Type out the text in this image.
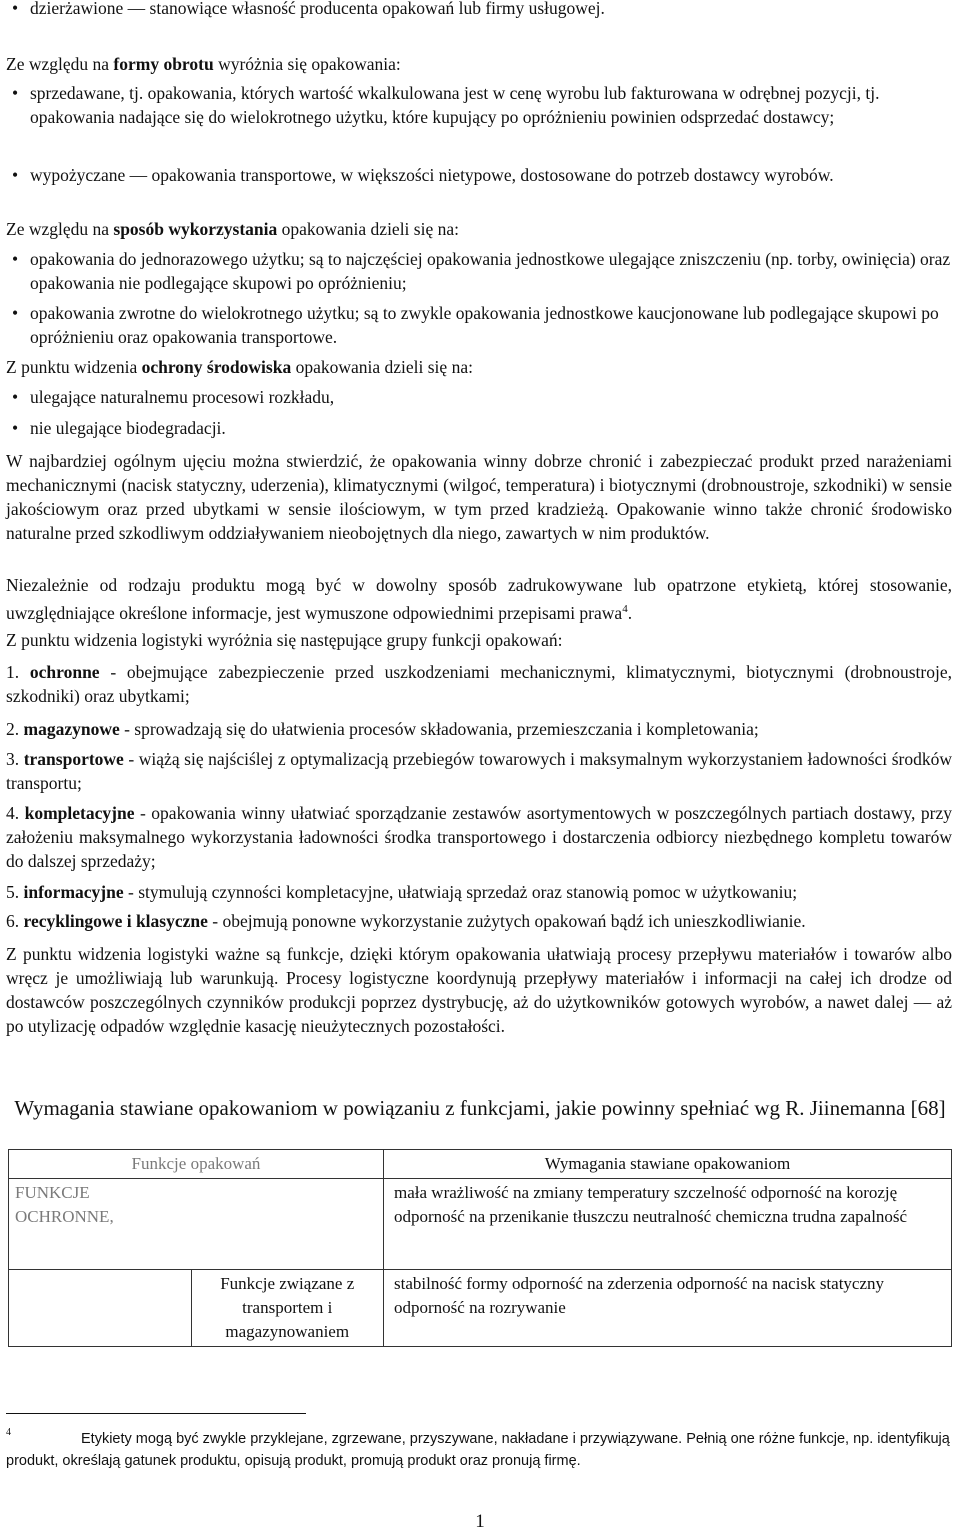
• dzierżawione — stanowiące własność producenta opakowań lub firmy usługowej.

Ze względu na formy obrotu wyróżnia się opakowania:

• sprzedawane, tj. opakowania, których wartość wkalkulowana jest w cenę wyrobu lub fakturowana w odrębnej pozycji, tj. opakowania nadające się do wielokrotnego użytku, które kupujący po opróżnieniu powinien odsprzedać dostawcy;
• wypożyczane — opakowania transportowe, w większości nietypowe, dostosowane do potrzeb dostawcy wyrobów.

Ze względu na sposób wykorzystania opakowania dzieli się na:

• opakowania do jednorazowego użytku; są to najczęściej opakowania jednostkowe ulegające zniszczeniu (np. torby, owinięcia) oraz opakowania nie podlegające skupowi po opróżnieniu;
• opakowania zwrotne do wielokrotnego użytku; są to zwykle opakowania jednostkowe kaucjonowane lub podlegające skupowi po opróżnieniu oraz opakowania transportowe.

Z punktu widzenia ochrony środowiska opakowania dzieli się na:

• ulegające naturalnemu procesowi rozkładu,
• nie ulegające biodegradacji.

W najbardziej ogólnym ujęciu można stwierdzić, że opakowania winny dobrze chronić i zabezpieczać produkt przed narażeniami mechanicznymi (nacisk statyczny, uderzenia), klimatycznymi (wilgoć, temperatura) i biotycznymi (drobnoustroje, szkodniki) w sensie jakościowym oraz przed ubytkami w sensie ilościowym, w tym przed kradzieżą. Opakowanie winno także chronić środowisko naturalne przed szkodliwym oddziaływaniem nieobojętnych dla niego, zawartych w nim produktów.

Niezależnie od rodzaju produktu mogą być w dowolny sposób zadrukowywane lub opatrzone etykietą, której stosowanie, uwzględniające określone informacje, jest wymuszone odpowiednimi przepisami prawa$^4$.

Z punktu widzenia logistyki wyróżnia się następujące grupy funkcji opakowań:

1. ochronne - obejmujące zabezpieczenie przed uszkodzeniami mechanicznymi, klimatycznymi, biotycznymi (drobnoustroje, szkodniki) oraz ubytkami;
2. magazynowe - sprowadzają się do ułatwienia procesów składowania, przemieszczania i kompletowania;
3. transportowe - wiążą się najściślej z optymalizacją przebiegów towarowych i maksymalnym wykorzystaniem ładowności środków transportu;
4. kompletacyjne - opakowania winny ułatwiać sporządzanie zestawów asortymentowych w poszczególnych partiach dostawy, przy założeniu maksymalnego wykorzystania ładowności środka transportowego i dostarczenia odbiorcy niezbędnego kompletu towarów do dalszej sprzedaży;
5. informacyjne - stymulują czynności kompletacyjne, ułatwiają sprzedaż oraz stanowią pomoc w użytkowaniu;
6. recyklingowe i klasyczne - obejmują ponowne wykorzystanie zużytych opakowań bądź ich unieszkodliwianie.

Z punktu widzenia logistyki ważne są funkcje, dzięki którym opakowania ułatwiają procesy przepływu materiałów i towarów albo wręcz je umożliwiają lub warunkują. Procesy logistyczne koordynują przepływy materiałów i informacji na całej ich drodze od dostawców poszczególnych czynników produkcji poprzez dystrybucję, aż do użytkowników gotowych wyrobów, a nawet dalej — aż po utylizację odpadów względnie kasację nieużytecznych pozostałości.

Wymagania stawiane opakowaniom w powiązaniu z funkcjami, jakie powinny spełniać wg R. Jiinemanna [68]
Funkcje opakowań		Wymagania stawiane opakowaniom
FUNKCJE OCHRONNE,		mała wrażliwość na zmiany temperatury szczelność odporność na korozję odporność na przenikanie tłuszczu neutralność chemiczna trudna zapalność
	Funkcje związane z transportem i magazynowaniem	stabilność formy odporność na zderzenia odporność na nacisk statyczny odporność na rozrywanie
$^4$	Etykiety mogą być zwykle przyklejane, zgrzewane, przyszywane, nakładane i przywiązywane. Pełnią one różne funkcje, np. identyfikują produkt, określają gatunek produktu, opisują produkt, promują produkt oraz pronują firmę.
1
